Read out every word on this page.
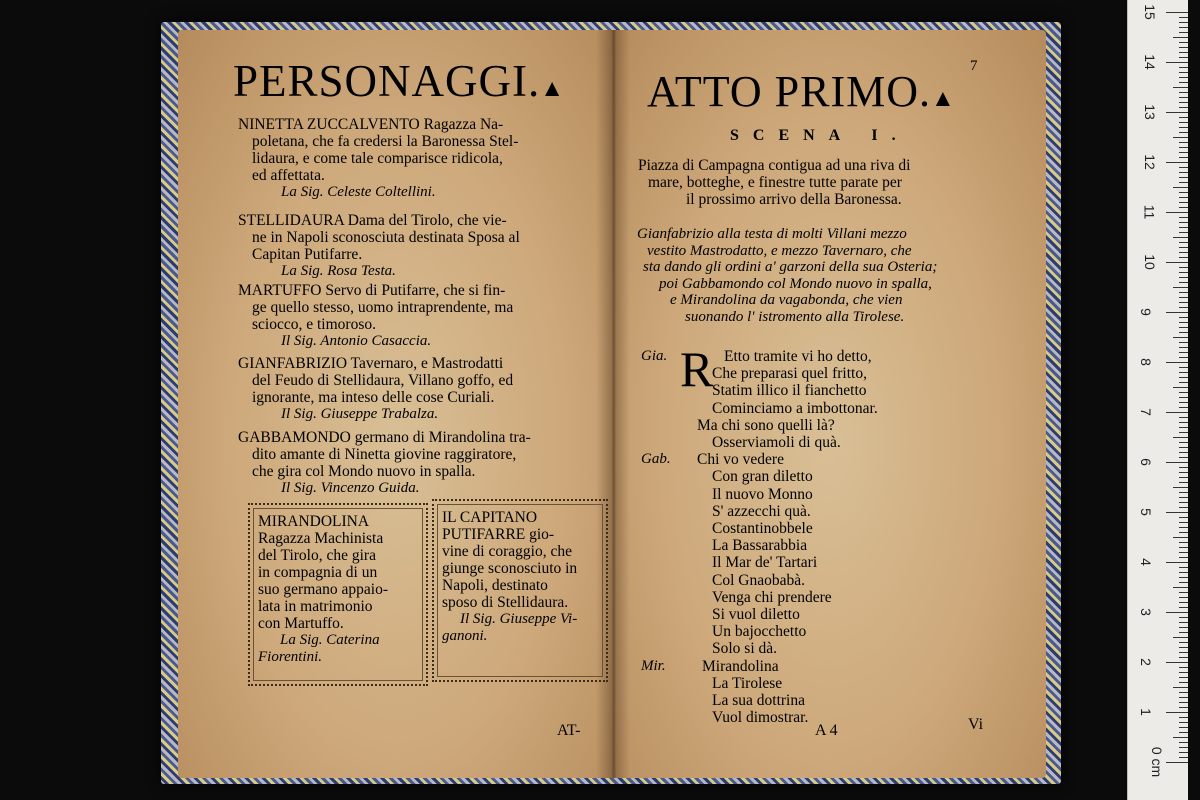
PERSONAGGI.▲
MIRANDOLINA
Ragazza Machinista
del Tirolo, che gira
in compagnia di un
suo germano appaio-
lata in matrimonio
con Martuffo.
La Sig. Caterina
Fiorentini.
IL CAPITANO
PUTIFARRE gio-
vine di coraggio, che
giunge sconosciuto in
Napoli, destinato
sposo di Stellidaura.
Il Sig. Giuseppe Vi-
ganoni.
AT-
7
ATTO PRIMO.▲
SCENA I.
R
A 4	Vi
15
14
13
12
11
10
9
8
7
6
5
4
3
2
1
0 cm
NINETTA ZUCCALVENTO Ragazza Na-
poletana, che fa credersi la Baronessa Stel-
lidaura, e come tale comparisce ridicola,
ed affettata.
La Sig. Celeste Coltellini.
STELLIDAURA Dama del Tirolo, che vie-
ne in Napoli sconosciuta destinata Sposa al
Capitan Putifarre.
La Sig. Rosa Testa.
MARTUFFO Servo di Putifarre, che si fin-
ge quello stesso, uomo intraprendente, ma
sciocco, e timoroso.
Il Sig. Antonio Casaccia.
GIANFABRIZIO Tavernaro, e Mastrodatti
del Feudo di Stellidaura, Villano goffo, ed
ignorante, ma inteso delle cose Curiali.
Il Sig. Giuseppe Trabalza.
GABBAMONDO germano di Mirandolina tra-
dito amante di Ninetta giovine raggiratore,
che gira col Mondo nuovo in spalla.
Il Sig. Vincenzo Guida.
Piazza di Campagna contigua ad una riva di
mare, botteghe, e finestre tutte parate per
il prossimo arrivo della Baronessa.
Gianfabrizio alla testa di molti Villani mezzo
vestito Mastrodatto, e mezzo Tavernaro, che
sta dando gli ordini a' garzoni della sua Osteria;
poi Gabbamondo col Mondo nuovo in spalla,
e Mirandolina da vagabonda, che vien
suonando l' istromento alla Tirolese.
Gia.	Etto tramite vi ho detto,
Che preparasi quel fritto,
Statim illico il fianchetto
Cominciamo a imbottonar.
Ma chi sono quelli là?
Osserviamoli di quà.
Gab. Chi vo vedere
Con gran diletto
Il nuovo Monno
S' azzecchi quà.
Costantinobbele
La Bassarabbia
Il Mar de' Tartari
Col Gnaobabà.
Venga chi prendere
Si vuol diletto
Un bajocchetto
Solo si dà.
Mir. Mirandolina
La Tirolese
La sua dottrina
Vuol dimostrar.
